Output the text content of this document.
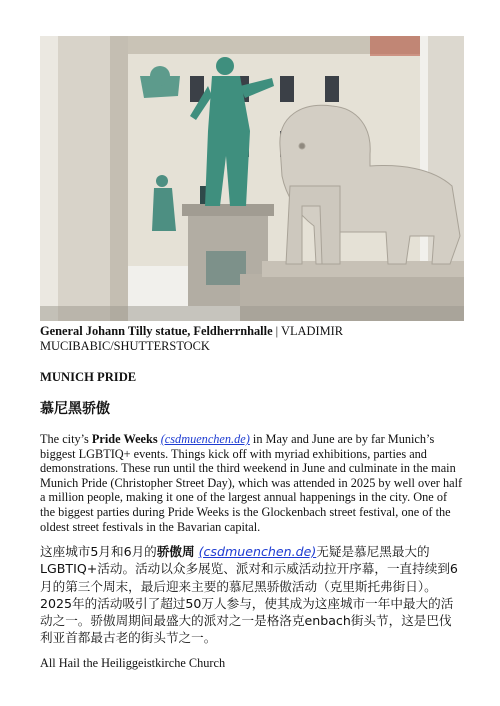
General Johann Tilly statue, Feldherrnhalle | VLADIMIR MUCIBABIC/SHUTTERSTOCK
MUNICH PRIDE
慕尼黑骄傲
The city’s Pride Weeks (csdmuenchen.de) in May and June are by far Munich’s biggest LGBTIQ+ events. Things kick off with myriad exhibitions, parties and demonstrations. These run until the third weekend in June and culminate in the main Munich Pride (Christopher Street Day), which was attended in 2025 by well over half a million people, making it one of the largest annual happenings in the city. One of the biggest parties during Pride Weeks is the Glockenbach street festival, one of the oldest street festivals in the Bavarian capital.
这座城市5月和6月的骄傲周 (csdmuenchen.de)无疑是慕尼黑最大的LGBTIQ+活动。活动以众多展览、派对和示威活动拉开序幕，一直持续到6月的第三个周末，最后迎来主要的慕尼黑骄傲活动（克里斯托弗街日）。2025年的活动吸引了超过50万人参与，使其成为这座城市一年中最大的活动之一。骄傲周期间最盛大的派对之一是格洛克enbach街头节，这是巴伐利亚首都最古老的街头节之一。
All Hail the Heiliggeistkirche Church
